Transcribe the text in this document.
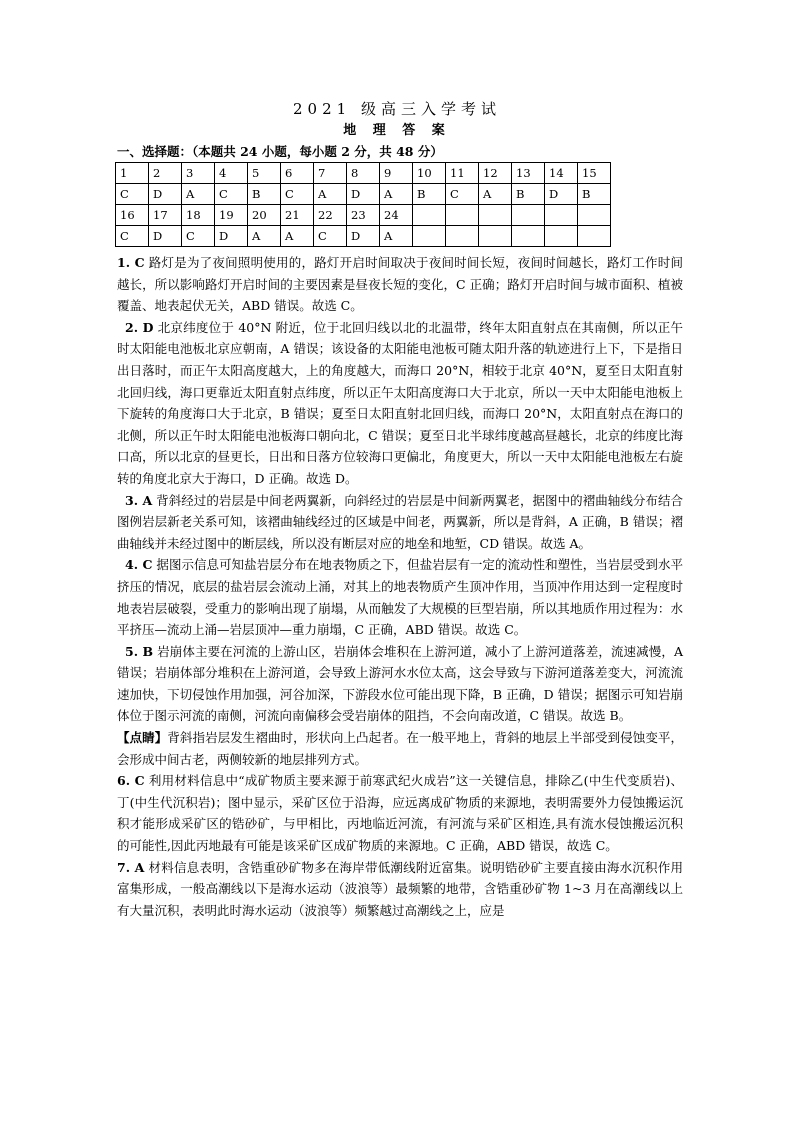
2021 级高三入学考试
地 理 答 案
一、选择题：（本题共 24 小题，每小题 2 分，共 48 分）
1	2	3	4	5	6	7	8	9	10	11	12	13	14	15
C	D	A	C	B	C	A	D	A	B	C	A	B	D	B
16	17	18	19	20	21	22	23	24						
C	D	C	D	A	A	C	D	A						

1. C 路灯是为了夜间照明使用的，路灯开启时间取决于夜间时间长短，夜间时间越长，路灯工作时间越长，所以影响路灯开启时间的主要因素是昼夜长短的变化，C 正确；路灯开启时间与城市面积、植被覆盖、地表起伏无关，ABD 错误。故选 C。

2. D 北京纬度位于 40°N 附近，位于北回归线以北的北温带，终年太阳直射点在其南侧，所以正午时太阳能电池板北京应朝南，A 错误；该设备的太阳能电池板可随太阳升落的轨迹进行上下，下是指日出日落时，而正午太阳高度越大，上的角度越大，而海口 20°N，相较于北京 40°N，夏至日太阳直射北回归线，海口更靠近太阳直射点纬度，所以正午太阳高度海口大于北京，所以一天中太阳能电池板上下旋转的角度海口大于北京，B 错误；夏至日太阳直射北回归线，而海口 20°N，太阳直射点在海口的北侧，所以正午时太阳能电池板海口朝向北，C 错误；夏至日北半球纬度越高昼越长，北京的纬度比海口高，所以北京的昼更长，日出和日落方位较海口更偏北，角度更大，所以一天中太阳能电池板左右旋转的角度北京大于海口，D 正确。故选 D。

3. A 背斜经过的岩层是中间老两翼新，向斜经过的岩层是中间新两翼老，据图中的褶曲轴线分布结合图例岩层新老关系可知，该褶曲轴线经过的区域是中间老，两翼新，所以是背斜，A 正确，B 错误；褶曲轴线并未经过图中的断层线，所以没有断层对应的地垒和地堑，CD 错误。故选 A。

4. C 据图示信息可知盐岩层分布在地表物质之下，但盐岩层有一定的流动性和塑性，当岩层受到水平挤压的情况，底层的盐岩层会流动上涌，对其上的地表物质产生顶冲作用，当顶冲作用达到一定程度时地表岩层破裂，受重力的影响出现了崩塌，从而触发了大规模的巨型岩崩，所以其地质作用过程为：水平挤压—流动上涌—岩层顶冲—重力崩塌，C 正确，ABD 错误。故选 C。

5. B 岩崩体主要在河流的上游山区，岩崩体会堆积在上游河道，减小了上游河道落差，流速减慢，A 错误；岩崩体部分堆积在上游河道，会导致上游河水水位太高，这会导致与下游河道落差变大，河流流速加快，下切侵蚀作用加强，河谷加深，下游段水位可能出现下降，B 正确，D 错误；据图示可知岩崩体位于图示河流的南侧，河流向南偏移会受岩崩体的阻挡，不会向南改道，C 错误。故选 B。

【点睛】背斜指岩层发生褶曲时，形状向上凸起者。在一般平地上，背斜的地层上半部受到侵蚀变平，会形成中间古老，两侧较新的地层排列方式。

6. C 利用材料信息中“成矿物质主要来源于前寒武纪火成岩”这一关键信息，排除乙(中生代变质岩)、丁(中生代沉积岩)；图中显示，采矿区位于沿海，应远离成矿物质的来源地，表明需要外力侵蚀搬运沉积才能形成采矿区的锆砂矿，与甲相比，丙地临近河流，有河流与采矿区相连,具有流水侵蚀搬运沉积的可能性,因此丙地最有可能是该采矿区成矿物质的来源地。C 正确，ABD 错误，故选 C。

7. A 材料信息表明，含锆重砂矿物多在海岸带低潮线附近富集。说明锆砂矿主要直接由海水沉积作用富集形成，一般高潮线以下是海水运动（波浪等）最频繁的地带，含锆重砂矿物 1~3 月在高潮线以上有大量沉积，表明此时海水运动（波浪等）频繁越过高潮线之上，应是
